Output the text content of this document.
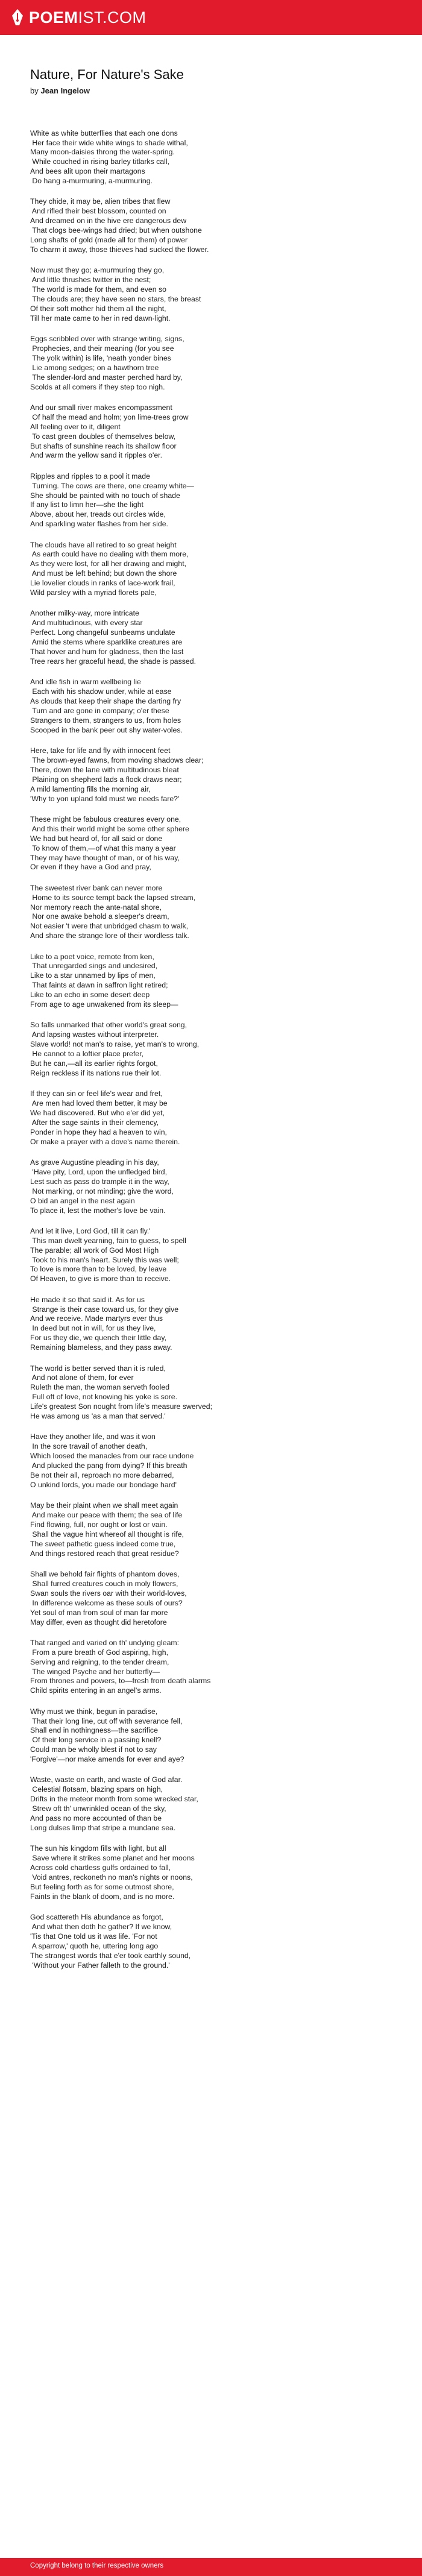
POEMIST.COM
Nature, For Nature's Sake
by Jean Ingelow
White as white butterflies that each one dons
Her face their wide white wings to shade withal,
Many moon-daisies throng the water-spring.
While couched in rising barley titlarks call,
And bees alit upon their martagons
Do hang a-murmuring, a-murmuring.
They chide, it may be, alien tribes that flew
And rifled their best blossom, counted on
And dreamed on in the hive ere dangerous dew
That clogs bee-wings had dried; but when outshone
Long shafts of gold (made all for them) of power
To charm it away, those thieves had sucked the flower.
Now must they go; a-murmuring they go,
And little thrushes twitter in the nest;
The world is made for them, and even so
The clouds are; they have seen no stars, the breast
Of their soft mother hid them all the night,
Till her mate came to her in red dawn-light.
Eggs scribbled over with strange writing, signs,
Prophecies, and their meaning (for you see
The yolk within) is life, 'neath yonder bines
Lie among sedges; on a hawthorn tree
The slender-lord and master perched hard by,
Scolds at all comers if they step too nigh.
And our small river makes encompassment
Of half the mead and holm; yon lime-trees grow
All feeling over to it, diligent
To cast green doubles of themselves below,
But shafts of sunshine reach its shallow floor
And warm the yellow sand it ripples o'er.
Ripples and ripples to a pool it made
Turning. The cows are there, one creamy white—
She should be painted with no touch of shade
If any list to limn her—she the light
Above, about her, treads out circles wide,
And sparkling water flashes from her side.
The clouds have all retired to so great height
As earth could have no dealing with them more,
As they were lost, for all her drawing and might,
And must be left behind; but down the shore
Lie lovelier clouds in ranks of lace-work frail,
Wild parsley with a myriad florets pale,
Another milky-way, more intricate
And multitudinous, with every star
Perfect. Long changeful sunbeams undulate
Amid the stems where sparklike creatures are
That hover and hum for gladness, then the last
Tree rears her graceful head, the shade is passed.
And idle fish in warm wellbeing lie
Each with his shadow under, while at ease
As clouds that keep their shape the darting fry
Turn and are gone in company; o'er these
Strangers to them, strangers to us, from holes
Scooped in the bank peer out shy water-voles.
Here, take for life and fly with innocent feet
The brown-eyed fawns, from moving shadows clear;
There, down the lane with multitudinous bleat
Plaining on shepherd lads a flock draws near;
A mild lamenting fills the morning air,
'Why to yon upland fold must we needs fare?'
These might be fabulous creatures every one,
And this their world might be some other sphere
We had but heard of, for all said or done
To know of them,—of what this many a year
They may have thought of man, or of his way,
Or even if they have a God and pray,
The sweetest river bank can never more
Home to its source tempt back the lapsed stream,
Nor memory reach the ante-natal shore,
Nor one awake behold a sleeper's dream,
Not easier 't were that unbridged chasm to walk,
And share the strange lore of their wordless talk.
Like to a poet voice, remote from ken,
That unregarded sings and undesired,
Like to a star unnamed by lips of men,
That faints at dawn in saffron light retired;
Like to an echo in some desert deep
From age to age unwakened from its sleep—
So falls unmarked that other world's great song,
And lapsing wastes without interpreter.
Slave world! not man's to raise, yet man's to wrong,
He cannot to a loftier place prefer,
But he can,—all its earlier rights forgot,
Reign reckless if its nations rue their lot.
If they can sin or feel life's wear and fret,
Are men had loved them better, it may be
We had discovered. But who e'er did yet,
After the sage saints in their clemency,
Ponder in hope they had a heaven to win,
Or make a prayer with a dove's name therein.
As grave Augustine pleading in his day,
'Have pity, Lord, upon the unfledged bird,
Lest such as pass do trample it in the way,
Not marking, or not minding; give the word,
O bid an angel in the nest again
To place it, lest the mother's love be vain.
And let it live, Lord God, till it can fly.'
This man dwelt yearning, fain to guess, to spell
The parable; all work of God Most High
Took to his man's heart. Surely this was well;
To love is more than to be loved, by leave
Of Heaven, to give is more than to receive.
He made it so that said it. As for us
Strange is their case toward us, for they give
And we receive. Made martyrs ever thus
In deed but not in will, for us they live,
For us they die, we quench their little day,
Remaining blameless, and they pass away.
The world is better served than it is ruled,
And not alone of them, for ever
Ruleth the man, the woman serveth fooled
Full oft of love, not knowing his yoke is sore.
Life's greatest Son nought from life's measure swerved;
He was among us 'as a man that served.'
Have they another life, and was it won
In the sore travail of another death,
Which loosed the manacles from our race undone
And plucked the pang from dying? If this breath
Be not their all, reproach no more debarred,
O unkind lords, you made our bondage hard'
May be their plaint when we shall meet again
And make our peace with them; the sea of life
Find flowing, full, nor ought or lost or vain.
Shall the vague hint whereof all thought is rife,
The sweet pathetic guess indeed come true,
And things restored reach that great residue?
Shall we behold fair flights of phantom doves,
Shall furred creatures couch in moly flowers,
Swan souls the rivers oar with their world-loves,
In difference welcome as these souls of ours?
Yet soul of man from soul of man far more
May differ, even as thought did heretofore
That ranged and varied on th' undying gleam:
From a pure breath of God aspiring, high,
Serving and reigning, to the tender dream,
The winged Psyche and her butterfly—
From thrones and powers, to—fresh from death alarms
Child spirits entering in an angel's arms.
Why must we think, begun in paradise,
That their long line, cut off with severance fell,
Shall end in nothingness—the sacrifice
Of their long service in a passing knell?
Could man be wholly blest if not to say
'Forgive'—nor make amends for ever and aye?
Waste, waste on earth, and waste of God afar.
Celestial flotsam, blazing spars on high,
Drifts in the meteor month from some wrecked star,
Strew oft th' unwrinkled ocean of the sky,
And pass no more accounted of than be
Long dulses limp that stripe a mundane sea.
The sun his kingdom fills with light, but all
Save where it strikes some planet and her moons
Across cold chartless gulfs ordained to fall,
Void antres, reckoneth no man's nights or noons,
But feeling forth as for some outmost shore,
Faints in the blank of doom, and is no more.
God scattereth His abundance as forgot,
And what then doth he gather? If we know,
'Tis that One told us it was life. 'For not
A sparrow,' quoth he, uttering long ago
The strangest words that e'er took earthly sound,
'Without your Father falleth to the ground.'
Copyright belong to their respective owners
